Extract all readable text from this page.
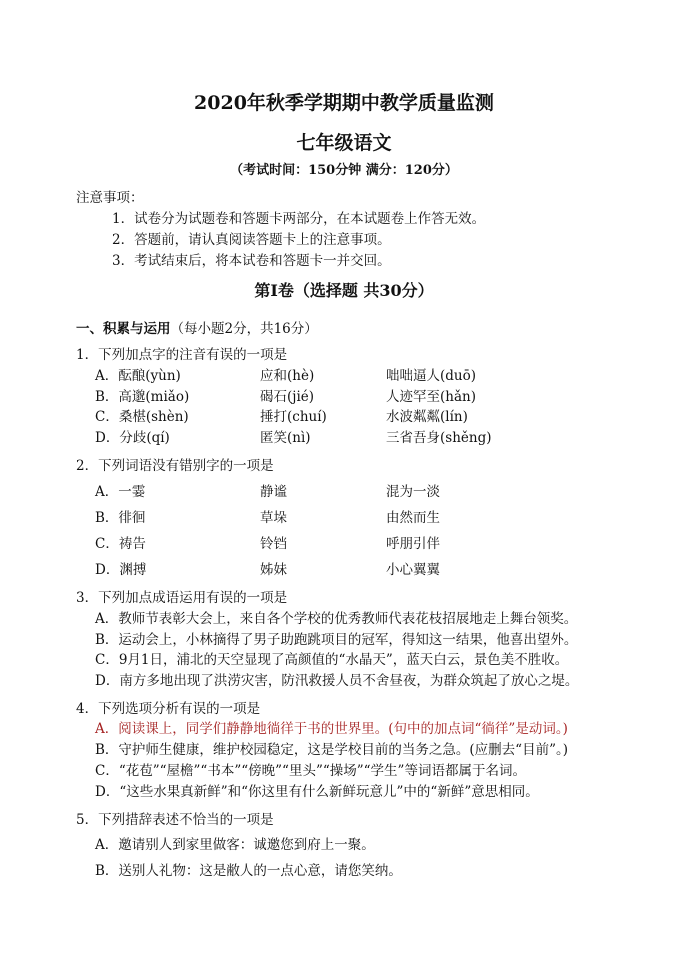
2020年秋季学期期中教学质量监测
七年级语文
（考试时间：150分钟 满分：120分）
注意事项：
1．试卷分为试题卷和答题卡两部分，在本试题卷上作答无效。
2．答题前，请认真阅读答题卡上的注意事项。
3．考试结束后，将本试卷和答题卡一并交回。
第Ⅰ卷（选择题 共30分）
一、积累与运用（每小题2分，共16分）
1．下列加点字的注音有误的一项是
A．酝酿(yùn)	应和(hè)	咄咄逼人(duō)
B．高邈(miǎo)	碣石(jié)	人迹罕至(hǎn)
C．桑椹(shèn)	捶打(chuí)	水波粼粼(lín)
D．分歧(qí)	匿笑(nì)	三省吾身(shěng)
2．下列词语没有错别字的一项是
A．一霎	静谧	混为一淡
B．徘徊	草垛	由然而生
C．祷告	铃铛	呼朋引伴
D．渊搏	姊妹	小心翼翼
3．下列加点成语运用有误的一项是
A．教师节表彰大会上，来自各个学校的优秀教师代表花枝招展地走上舞台领奖。
B．运动会上，小林摘得了男子助跑跳项目的冠军，得知这一结果，他喜出望外。
C．9月1日，浦北的天空显现了高颜值的“水晶天”，蓝天白云，景色美不胜收。
D．南方多地出现了洪涝灾害，防汛救援人员不舍昼夜，为群众筑起了放心之堤。
4．下列选项分析有误的一项是
A．阅读课上，同学们静静地徜徉于书的世界里。(句中的加点词“徜徉”是动词。)
B．守护师生健康，维护校园稳定，这是学校目前的当务之急。(应删去“目前”。)
C．“花苞”“屋檐”“书本”“傍晚”“里头”“操场”“学生”等词语都属于名词。
D．“这些水果真新鲜”和“你这里有什么新鲜玩意儿”中的“新鲜”意思相同。
5．下列措辞表述不恰当的一项是
A．邀请别人到家里做客：诚邀您到府上一聚。
B．送别人礼物：这是敝人的一点心意，请您笑纳。
